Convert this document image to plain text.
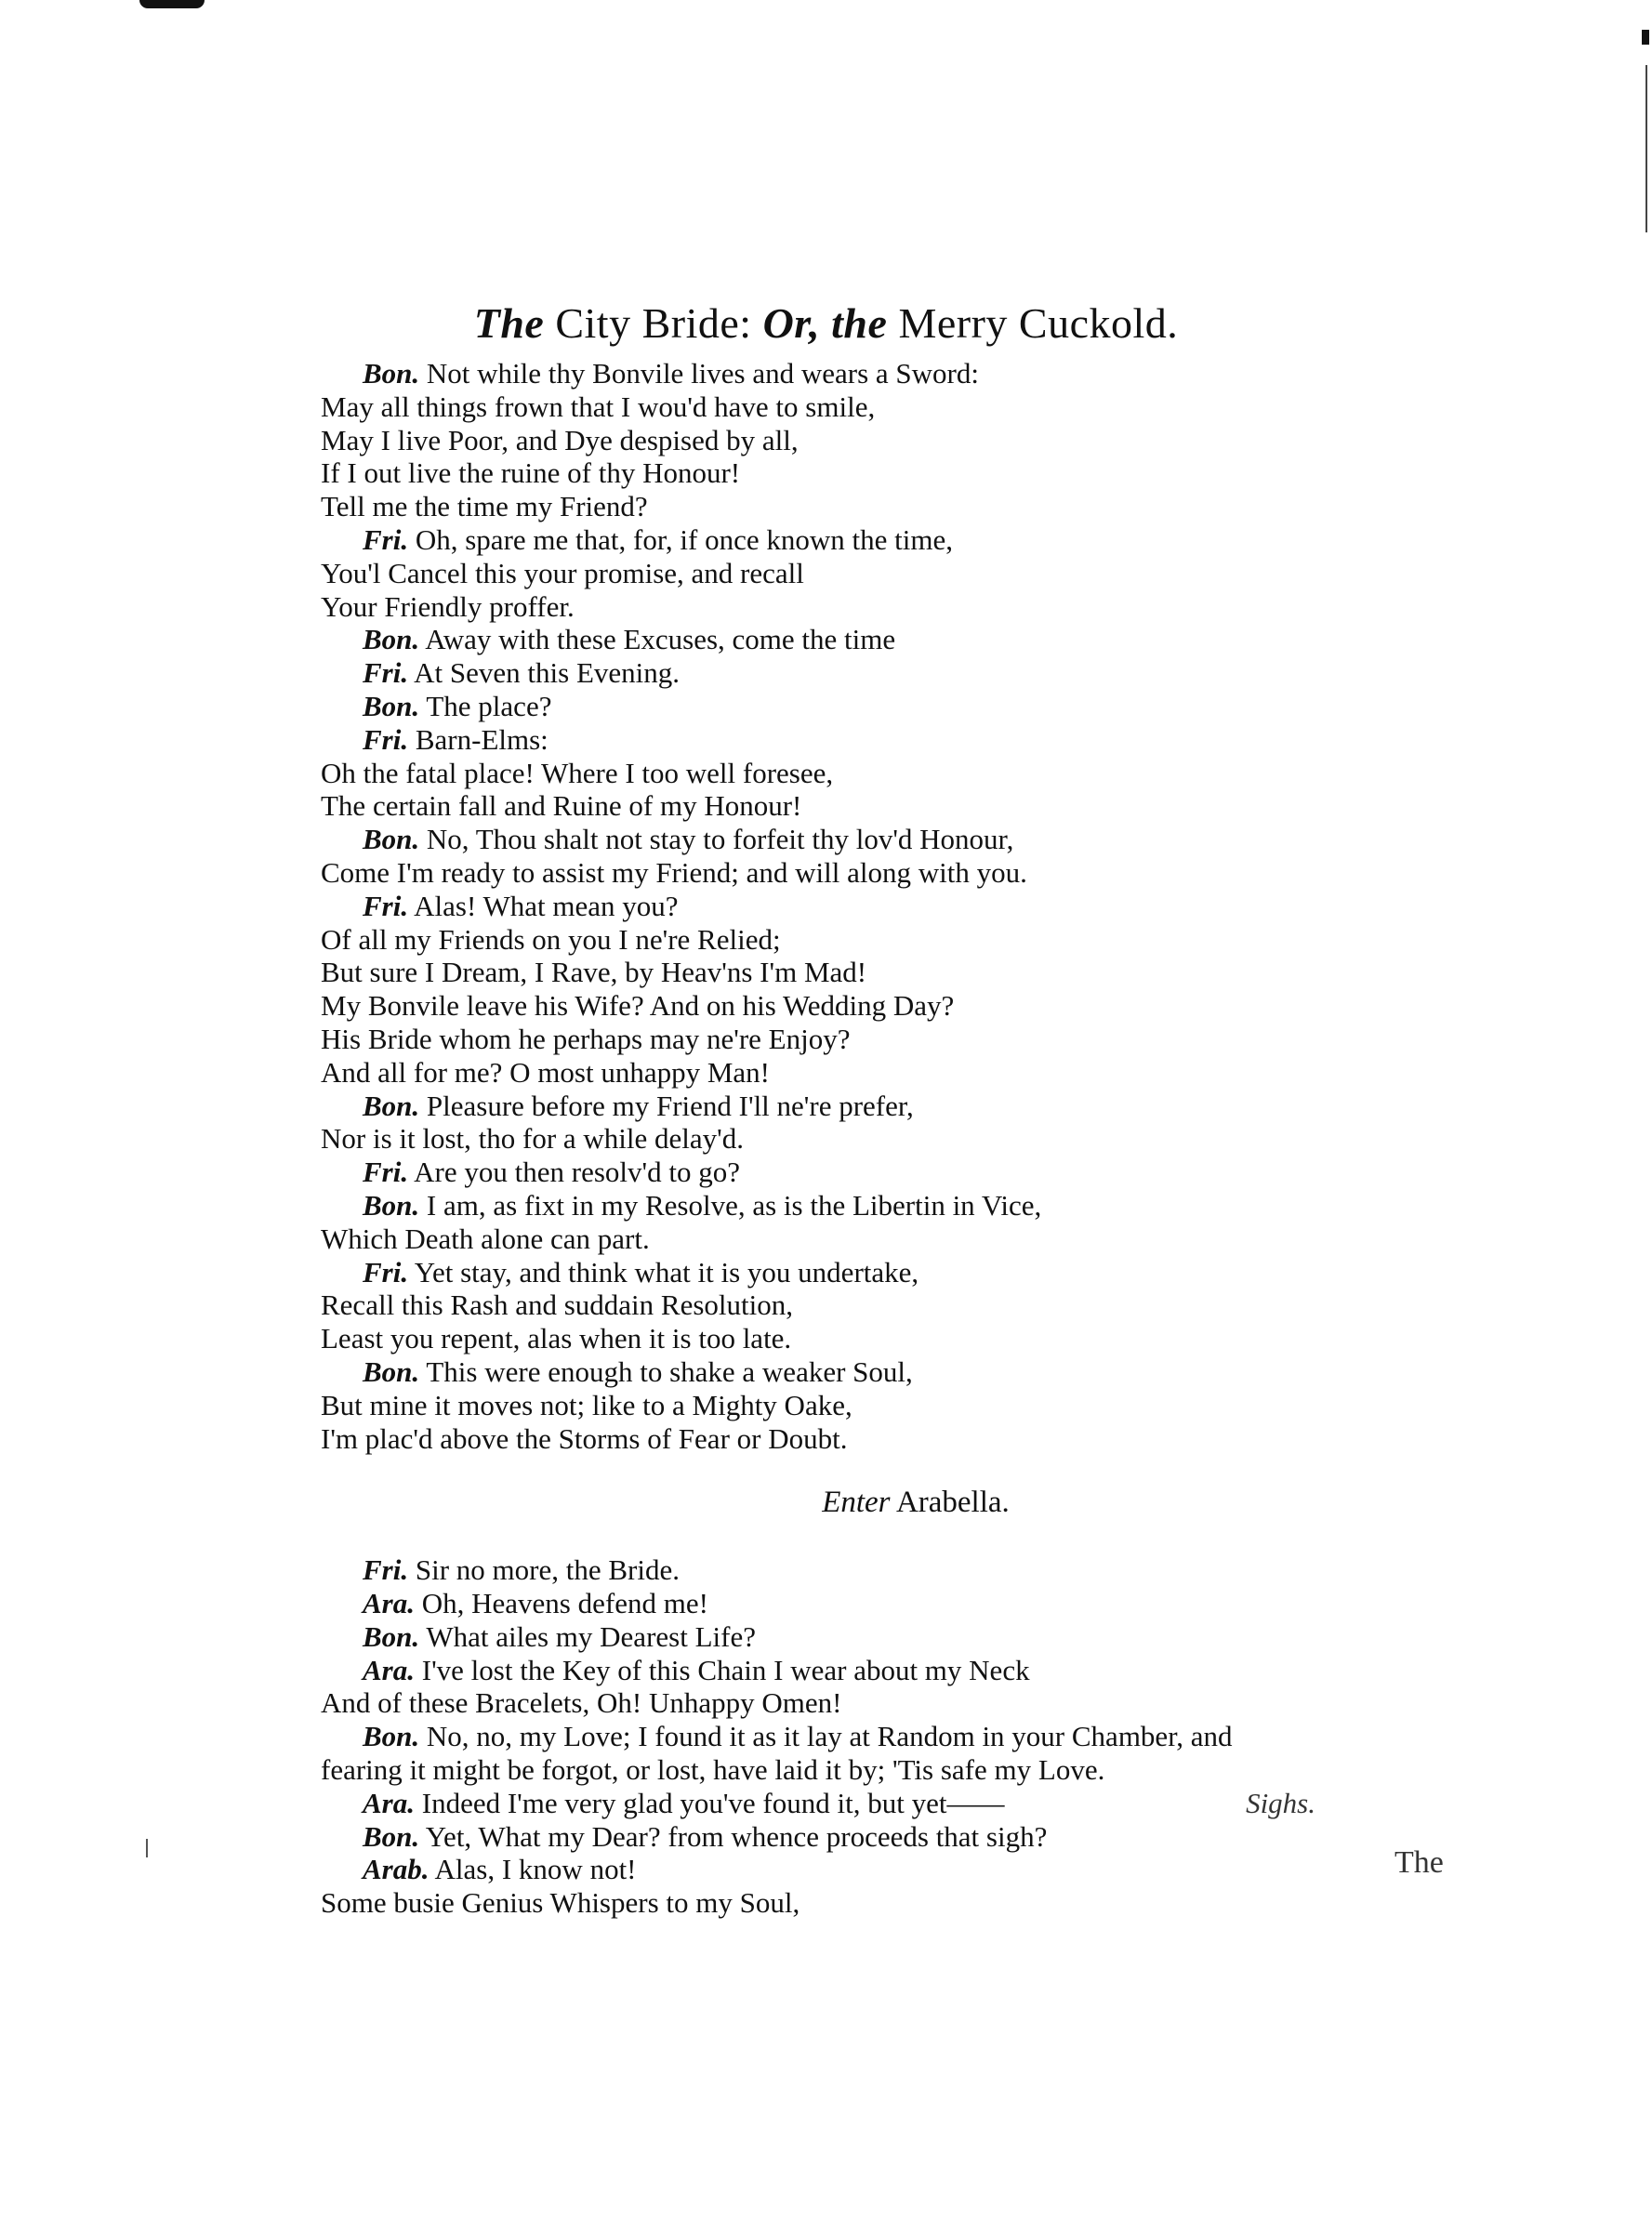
The City Bride: Or, the Merry Cuckold.
Bon. Not while thy Bonvile lives and wears a Sword:
May all things frown that I wou'd have to smile,
May I live Poor, and Dye despised by all,
If I out live the ruine of thy Honour!
Tell me the time my Friend?
Fri. Oh, spare me that, for, if once known the time,
You'l Cancel this your promise, and recall
Your Friendly proffer.
Bon. Away with these Excuses, come the time
Fri. At Seven this Evening.
Bon. The place?
Fri. Barn-Elms:
Oh the fatal place! Where I too well foresee,
The certain fall and Ruine of my Honour!
Bon. No, Thou shalt not stay to forfeit thy lov'd Honour,
Come I'm ready to assist my Friend; and will along with you.
Fri. Alas! What mean you?
Of all my Friends on you I ne're Relied;
But sure I Dream, I Rave, by Heav'ns I'm Mad!
My Bonvile leave his Wife? And on his Wedding Day?
His Bride whom he perhaps may ne're Enjoy?
And all for me? O most unhappy Man!
Bon. Pleasure before my Friend I'll ne're prefer,
Nor is it lost, tho for a while delay'd.
Fri. Are you then resolv'd to go?
Bon. I am, as fixt in my Resolve, as is the Libertin in Vice,
Which Death alone can part.
Fri. Yet stay, and think what it is you undertake,
Recall this Rash and suddain Resolution,
Least you repent, alas when it is too late.
Bon. This were enough to shake a weaker Soul,
But mine it moves not; like to a Mighty Oake,
I'm plac'd above the Storms of Fear or Doubt.
Enter Arabella.
Fri. Sir no more, the Bride.
Ara. Oh, Heavens defend me!
Bon. What ailes my Dearest Life?
Ara. I've lost the Key of this Chain I wear about my Neck
And of these Bracelets, Oh! Unhappy Omen!
Bon. No, no, my Love; I found it as it lay at Random in your Chamber, and
fearing it might be forgot, or lost, have laid it by; 'Tis safe my Love.
Ara. Indeed I'me very glad you've found it, but yet——	Sighs.
Bon. Yet, What my Dear? from whence proceeds that sigh?
Arab. Alas, I know not!
Some busie Genius Whispers to my Soul,
The
